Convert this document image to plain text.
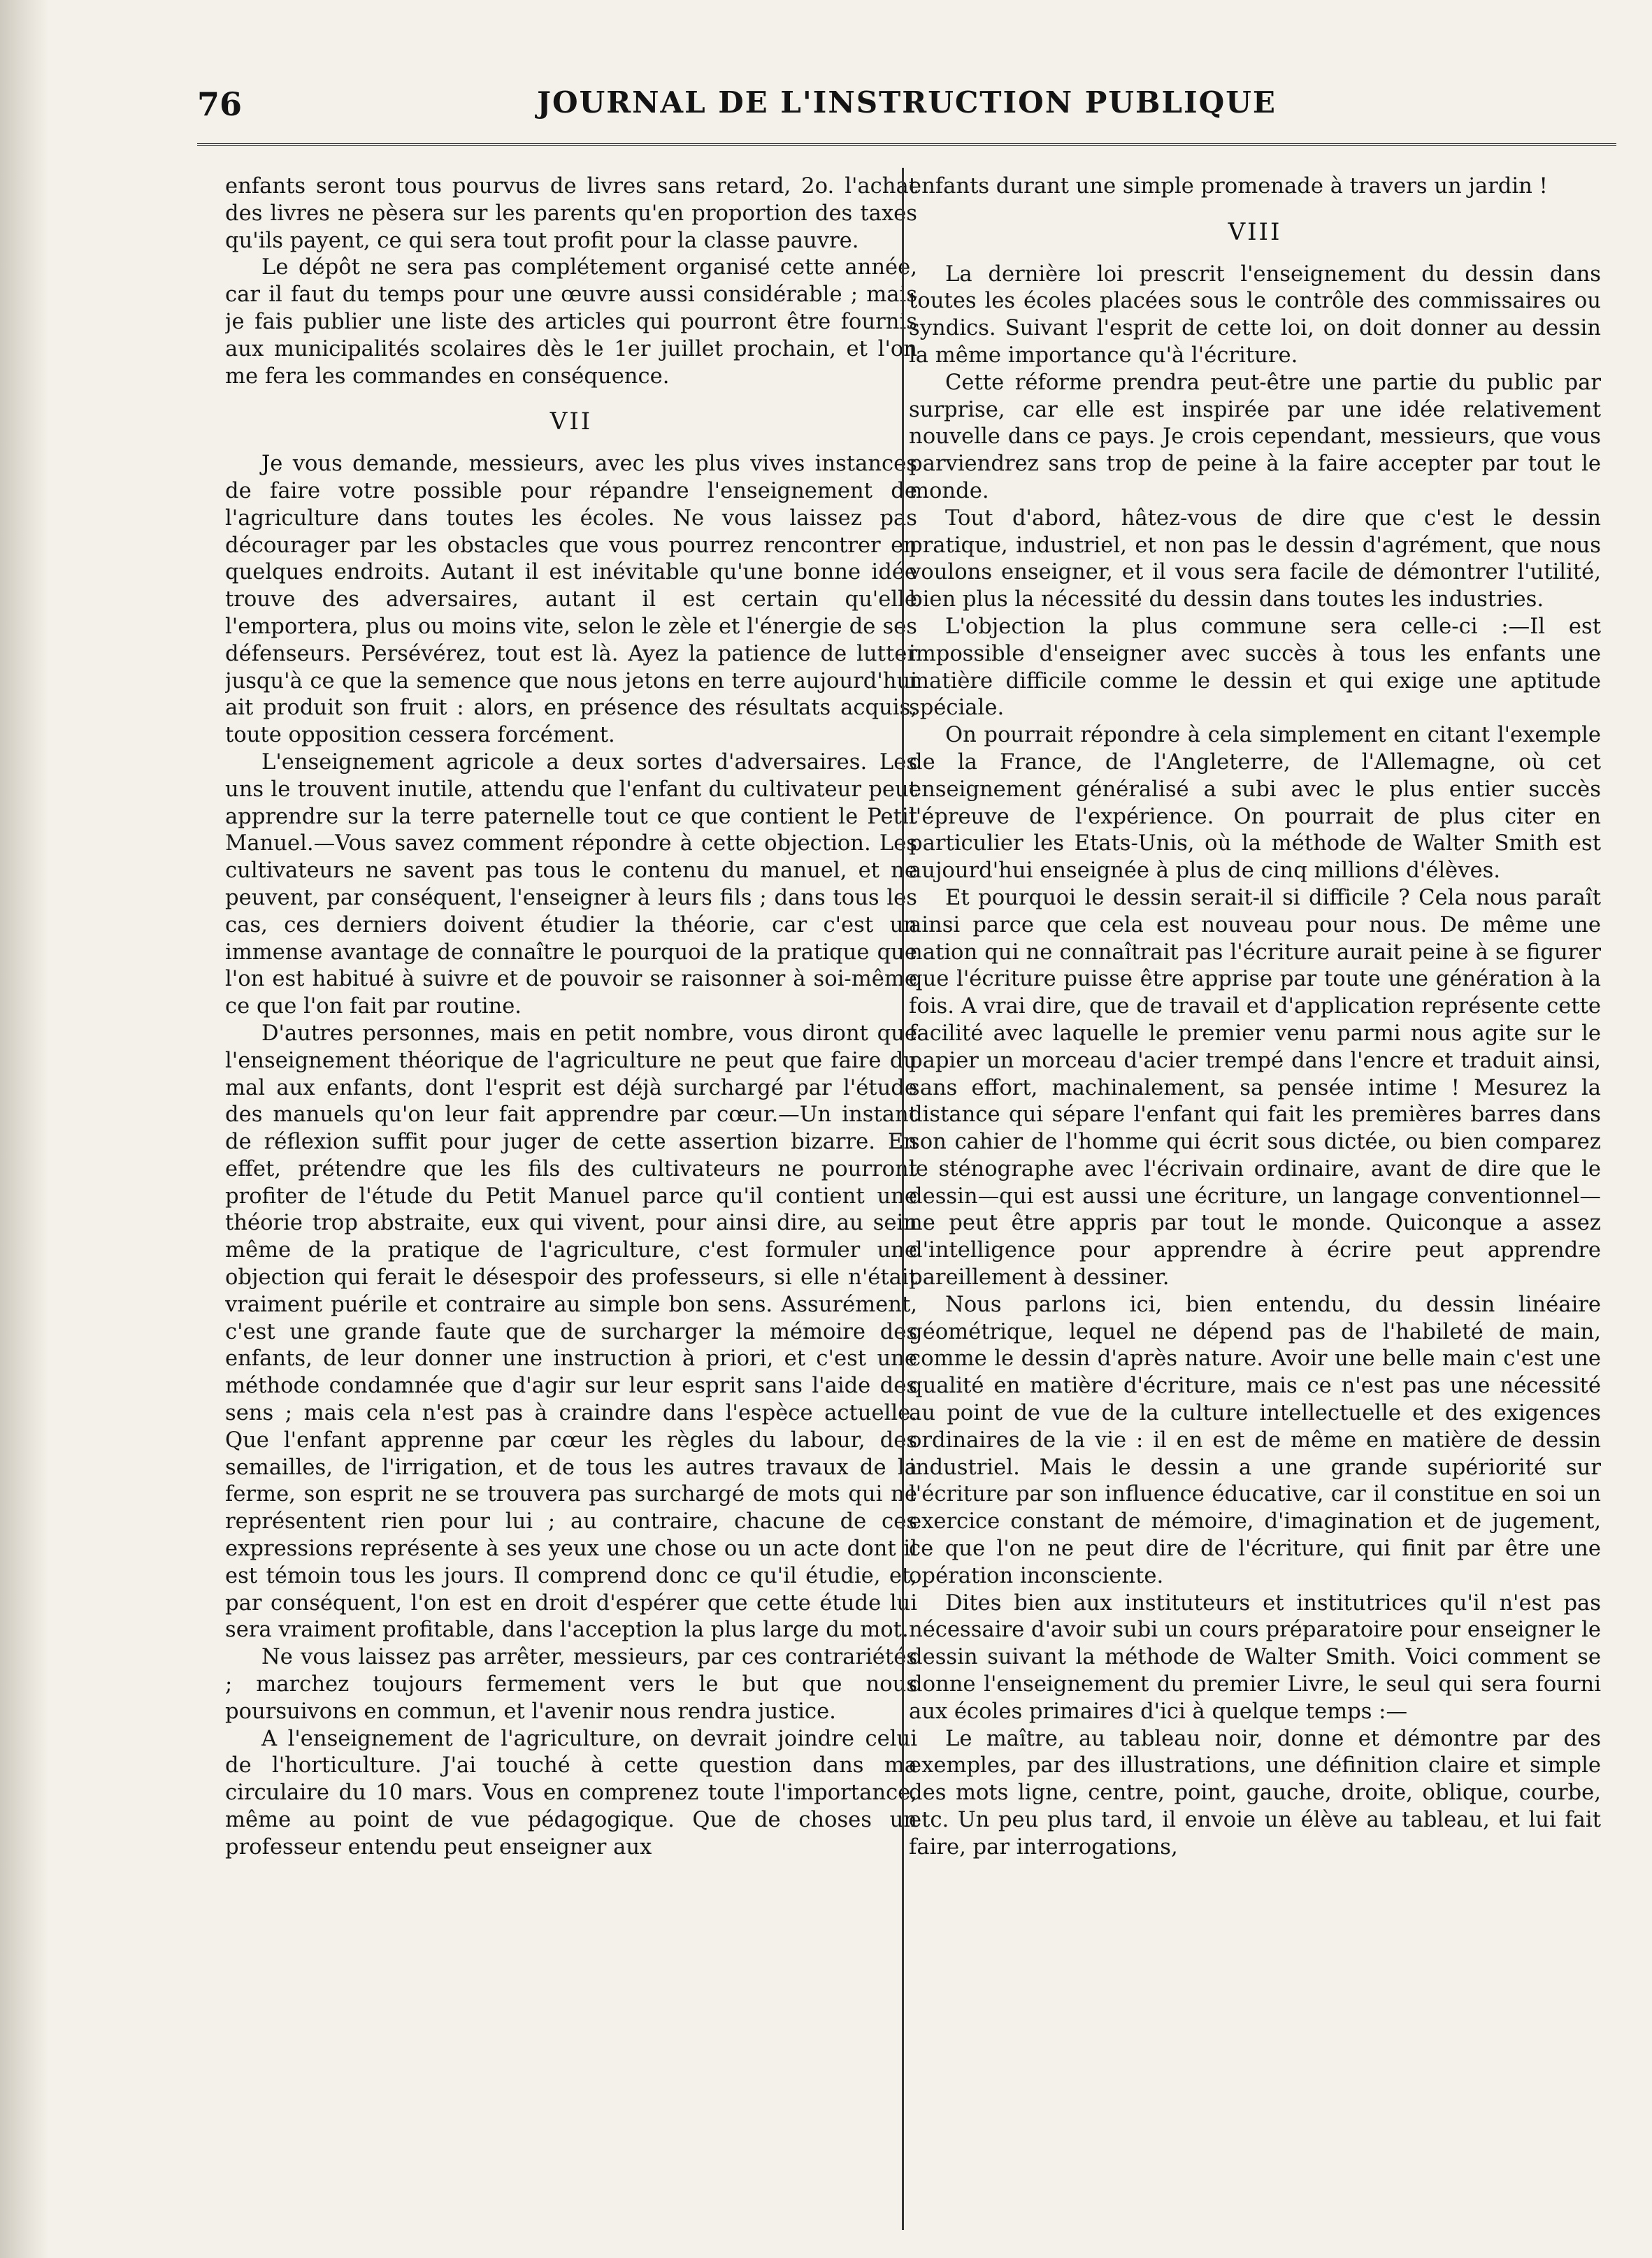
76	JOURNAL DE L'INSTRUCTION PUBLIQUE

enfants seront tous pourvus de livres sans retard, 2o. l'achat des livres ne pèsera sur les parents qu'en proportion des taxes qu'ils payent, ce qui sera tout profit pour la classe pauvre.

Le dépôt ne sera pas complétement organisé cette année, car il faut du temps pour une œuvre aussi considérable ; mais je fais publier une liste des articles qui pourront être fournis aux municipalités scolaires dès le 1er juillet prochain, et l'on me fera les commandes en conséquence.

VII

Je vous demande, messieurs, avec les plus vives instances de faire votre possible pour répandre l'enseignement de l'agriculture dans toutes les écoles. Ne vous laissez pas décourager par les obstacles que vous pourrez rencontrer en quelques endroits. Autant il est inévitable qu'une bonne idée trouve des adversaires, autant il est certain qu'elle l'emportera, plus ou moins vite, selon le zèle et l'énergie de ses défenseurs. Persévérez, tout est là. Ayez la patience de lutter jusqu'à ce que la semence que nous jetons en terre aujourd'hui ait produit son fruit : alors, en présence des résultats acquis, toute opposition cessera forcément.

L'enseignement agricole a deux sortes d'adversaires. Les uns le trouvent inutile, attendu que l'enfant du cultivateur peut apprendre sur la terre paternelle tout ce que contient le Petit Manuel.—Vous savez comment répondre à cette objection. Les cultivateurs ne savent pas tous le contenu du manuel, et ne peuvent, par conséquent, l'enseigner à leurs fils ; dans tous les cas, ces derniers doivent étudier la théorie, car c'est un immense avantage de connaître le pourquoi de la pratique que l'on est habitué à suivre et de pouvoir se raisonner à soi-même ce que l'on fait par routine.

D'autres personnes, mais en petit nombre, vous diront que l'enseignement théorique de l'agriculture ne peut que faire du mal aux enfants, dont l'esprit est déjà surchargé par l'étude des manuels qu'on leur fait apprendre par cœur.—Un instant de réflexion suffit pour juger de cette assertion bizarre. En effet, prétendre que les fils des cultivateurs ne pourront profiter de l'étude du Petit Manuel parce qu'il contient une théorie trop abstraite, eux qui vivent, pour ainsi dire, au sein même de la pratique de l'agriculture, c'est formuler une objection qui ferait le désespoir des professeurs, si elle n'était vraiment puérile et contraire au simple bon sens. Assurément, c'est une grande faute que de surcharger la mémoire des enfants, de leur donner une instruction à priori, et c'est une méthode condamnée que d'agir sur leur esprit sans l'aide des sens ; mais cela n'est pas à craindre dans l'espèce actuelle. Que l'enfant apprenne par cœur les règles du labour, des semailles, de l'irrigation, et de tous les autres travaux de la ferme, son esprit ne se trouvera pas surchargé de mots qui ne représentent rien pour lui ; au contraire, chacune de ces expressions représente à ses yeux une chose ou un acte dont il est témoin tous les jours. Il comprend donc ce qu'il étudie, et, par conséquent, l'on est en droit d'espérer que cette étude lui sera vraiment profitable, dans l'acception la plus large du mot.

Ne vous laissez pas arrêter, messieurs, par ces contrariétés ; marchez toujours fermement vers le but que nous poursuivons en commun, et l'avenir nous rendra justice.

A l'enseignement de l'agriculture, on devrait joindre celui de l'horticulture. J'ai touché à cette question dans ma circulaire du 10 mars. Vous en comprenez toute l'importance, même au point de vue pédagogique. Que de choses un professeur entendu peut enseigner aux

enfants durant une simple promenade à travers un jardin !

VIII

La dernière loi prescrit l'enseignement du dessin dans toutes les écoles placées sous le contrôle des commissaires ou syndics. Suivant l'esprit de cette loi, on doit donner au dessin la même importance qu'à l'écriture.

Cette réforme prendra peut-être une partie du public par surprise, car elle est inspirée par une idée relativement nouvelle dans ce pays. Je crois cependant, messieurs, que vous parviendrez sans trop de peine à la faire accepter par tout le monde.

Tout d'abord, hâtez-vous de dire que c'est le dessin pratique, industriel, et non pas le dessin d'agrément, que nous voulons enseigner, et il vous sera facile de démontrer l'utilité, bien plus la nécessité du dessin dans toutes les industries.

L'objection la plus commune sera celle-ci :—Il est impossible d'enseigner avec succès à tous les enfants une matière difficile comme le dessin et qui exige une aptitude spéciale.

On pourrait répondre à cela simplement en citant l'exemple de la France, de l'Angleterre, de l'Allemagne, où cet enseignement généralisé a subi avec le plus entier succès l'épreuve de l'expérience. On pourrait de plus citer en particulier les Etats-Unis, où la méthode de Walter Smith est aujourd'hui enseignée à plus de cinq millions d'élèves.

Et pourquoi le dessin serait-il si difficile ? Cela nous paraît ainsi parce que cela est nouveau pour nous. De même une nation qui ne connaîtrait pas l'écriture aurait peine à se figurer que l'écriture puisse être apprise par toute une génération à la fois. A vrai dire, que de travail et d'application représente cette facilité avec laquelle le premier venu parmi nous agite sur le papier un morceau d'acier trempé dans l'encre et traduit ainsi, sans effort, machinalement, sa pensée intime ! Mesurez la distance qui sépare l'enfant qui fait les premières barres dans son cahier de l'homme qui écrit sous dictée, ou bien comparez le sténographe avec l'écrivain ordinaire, avant de dire que le dessin—qui est aussi une écriture, un langage conventionnel—ne peut être appris par tout le monde. Quiconque a assez d'intelligence pour apprendre à écrire peut apprendre pareillement à dessiner.

Nous parlons ici, bien entendu, du dessin linéaire géométrique, lequel ne dépend pas de l'habileté de main, comme le dessin d'après nature. Avoir une belle main c'est une qualité en matière d'écriture, mais ce n'est pas une nécessité au point de vue de la culture intellectuelle et des exigences ordinaires de la vie : il en est de même en matière de dessin industriel. Mais le dessin a une grande supériorité sur l'écriture par son influence éducative, car il constitue en soi un exercice constant de mémoire, d'imagination et de jugement, ce que l'on ne peut dire de l'écriture, qui finit par être une opération inconsciente.

Dites bien aux instituteurs et institutrices qu'il n'est pas nécessaire d'avoir subi un cours préparatoire pour enseigner le dessin suivant la méthode de Walter Smith. Voici comment se donne l'enseignement du premier Livre, le seul qui sera fourni aux écoles primaires d'ici à quelque temps :—

Le maître, au tableau noir, donne et démontre par des exemples, par des illustrations, une définition claire et simple des mots ligne, centre, point, gauche, droite, oblique, courbe, etc. Un peu plus tard, il envoie un élève au tableau, et lui fait faire, par interrogations,
